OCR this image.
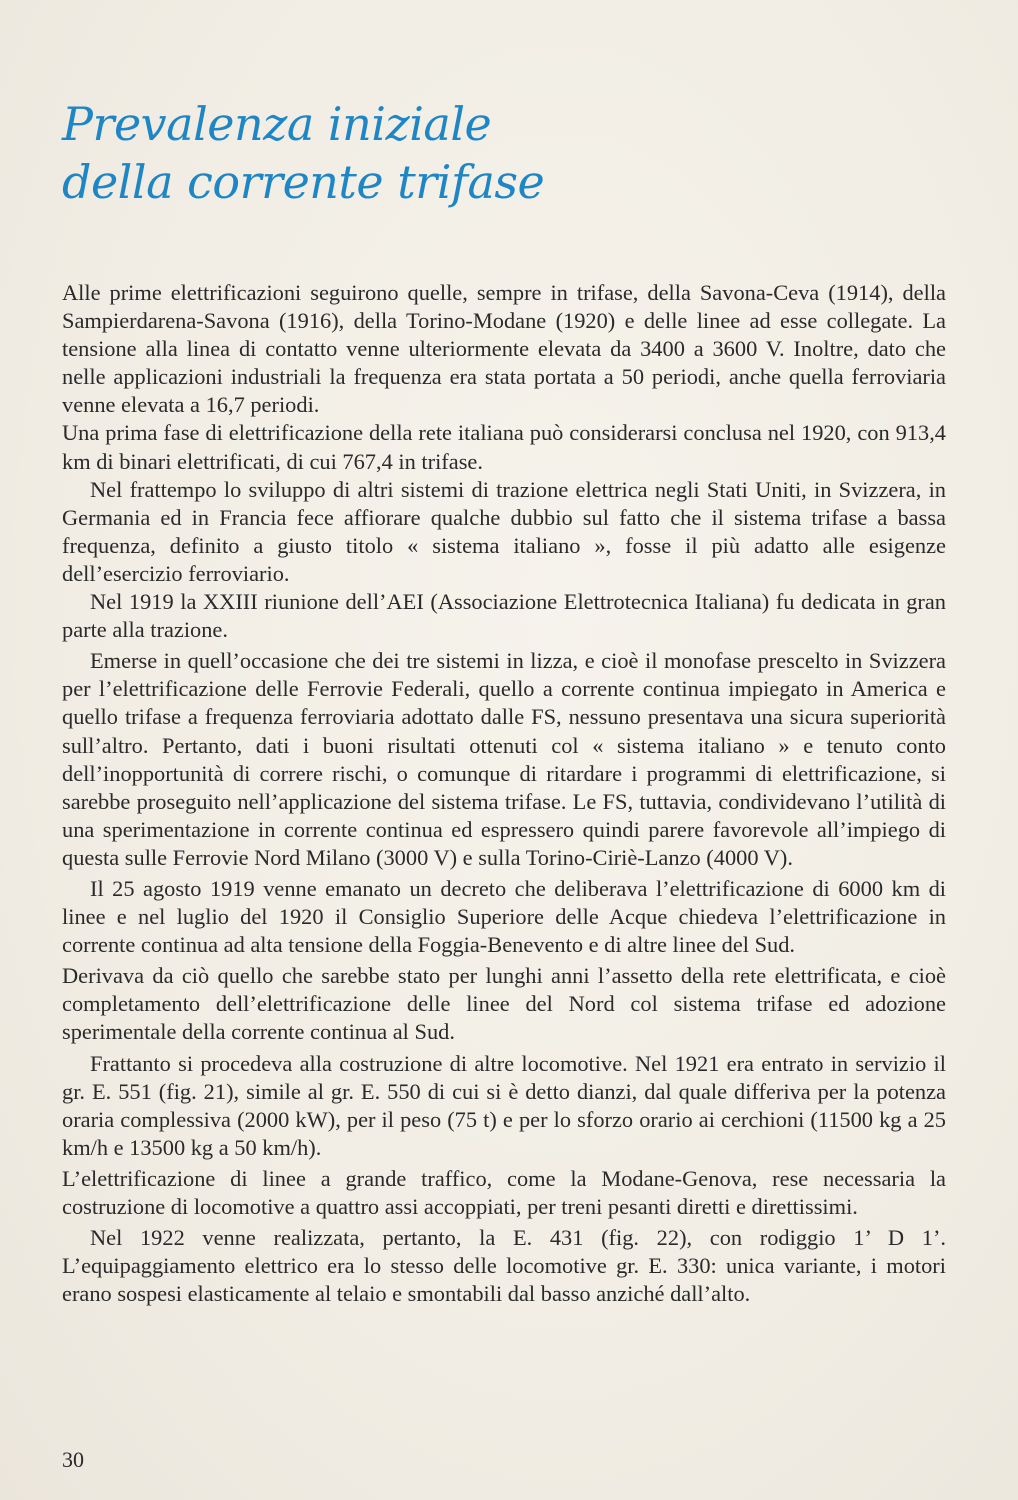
Prevalenza iniziale
della corrente trifase

Alle prime elettrificazioni seguirono quelle, sempre in trifase, della Savona-Ceva (1914), della Sampierdarena-Savona (1916), della Torino-Modane (1920) e delle linee ad esse collegate. La tensione alla linea di contatto venne ulteriormente elevata da 3400 a 3600 V. Inoltre, dato che nelle applicazioni industriali la frequenza era stata portata a 50 periodi, anche quella ferroviaria venne elevata a 16,7 periodi.

Una prima fase di elettrificazione della rete italiana può considerarsi conclusa nel 1920, con 913,4 km di binari elettrificati, di cui 767,4 in trifase.

Nel frattempo lo sviluppo di altri sistemi di trazione elettrica negli Stati Uniti, in Svizzera, in Germania ed in Francia fece affiorare qualche dubbio sul fatto che il sistema trifase a bassa frequenza, definito a giusto titolo « sistema italiano », fosse il più adatto alle esigenze dell’esercizio ferroviario.

Nel 1919 la XXIII riunione dell’AEI (Associazione Elettrotecnica Italiana) fu dedicata in gran parte alla trazione.

Emerse in quell’occasione che dei tre sistemi in lizza, e cioè il monofase prescelto in Svizzera per l’elettrificazione delle Ferrovie Federali, quello a corrente continua impiegato in America e quello trifase a frequenza ferroviaria adottato dalle FS, nessuno presentava una sicura superiorità sull’altro. Pertanto, dati i buoni risultati ottenuti col « sistema italiano » e tenuto conto dell’inopportunità di correre rischi, o comunque di ritardare i programmi di elettrificazione, si sarebbe proseguito nell’applicazione del sistema trifase. Le FS, tuttavia, condividevano l’utilità di una sperimentazione in corrente continua ed espressero quindi parere favorevole all’impiego di questa sulle Ferrovie Nord Milano (3000 V) e sulla Torino-Ciriè-Lanzo (4000 V).

Il 25 agosto 1919 venne emanato un decreto che deliberava l’elettrificazione di 6000 km di linee e nel luglio del 1920 il Consiglio Superiore delle Acque chiedeva l’elettrificazione in corrente continua ad alta tensione della Foggia-Benevento e di altre linee del Sud.

Derivava da ciò quello che sarebbe stato per lunghi anni l’assetto della rete elettrificata, e cioè completamento dell’elettrificazione delle linee del Nord col sistema trifase ed adozione sperimentale della corrente continua al Sud.

Frattanto si procedeva alla costruzione di altre locomotive. Nel 1921 era entrato in servizio il gr. E. 551 (fig. 21), simile al gr. E. 550 di cui si è detto dianzi, dal quale differiva per la potenza oraria complessiva (2000 kW), per il peso (75 t) e per lo sforzo orario ai cerchioni (11500 kg a 25 km/h e 13500 kg a 50 km/h).

L’elettrificazione di linee a grande traffico, come la Modane-Genova, rese necessaria la costruzione di locomotive a quattro assi accoppiati, per treni pesanti diretti e direttissimi.

Nel 1922 venne realizzata, pertanto, la E. 431 (fig. 22), con rodiggio 1’ D 1’. L’equipaggiamento elettrico era lo stesso delle locomotive gr. E. 330: unica variante, i motori erano sospesi elasticamente al telaio e smontabili dal basso anziché dall’alto.

30
